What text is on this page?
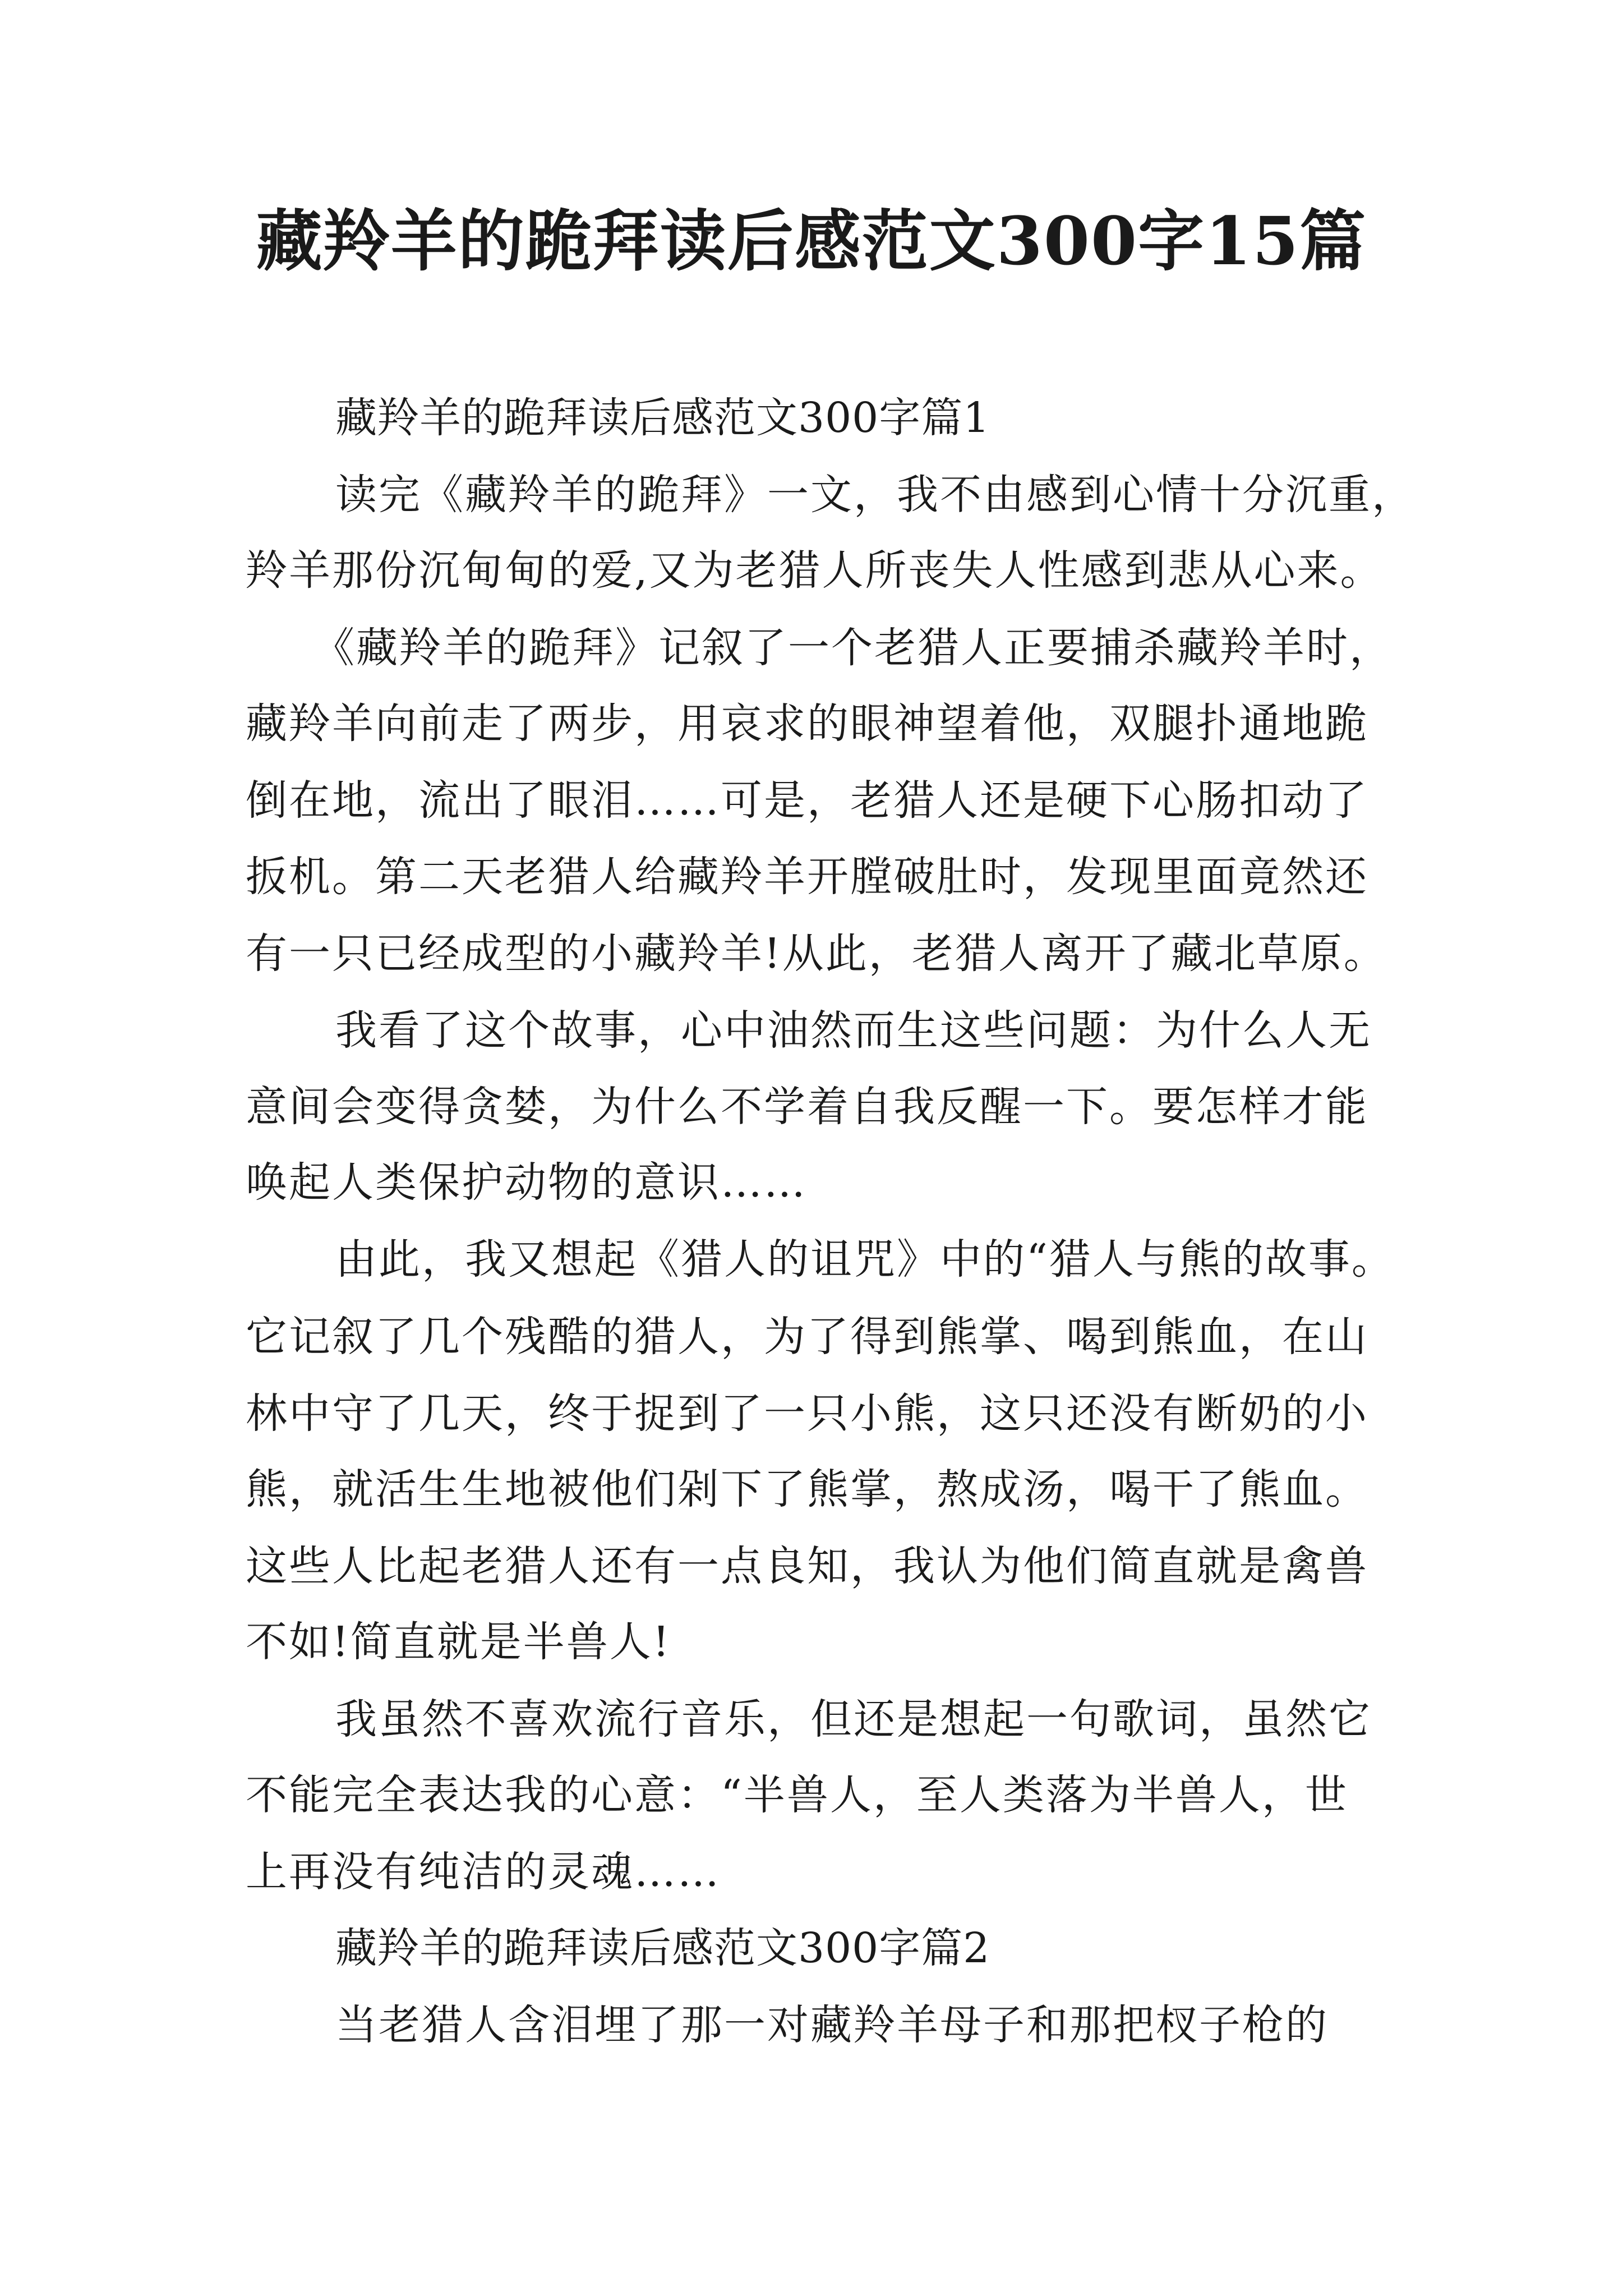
藏羚羊的跪拜读后感范文300字15篇

藏羚羊的跪拜读后感范文300字篇1

读完《藏羚羊的跪拜》一文，我不由感到心情十分沉重，

羚羊那份沉甸甸的爱,又为老猎人所丧失人性感到悲从心来。

《藏羚羊的跪拜》记叙了一个老猎人正要捕杀藏羚羊时，

藏羚羊向前走了两步，用哀求的眼神望着他，双腿扑通地跪

倒在地，流出了眼泪……可是，老猎人还是硬下心肠扣动了

扳机。第二天老猎人给藏羚羊开膛破肚时，发现里面竟然还

有一只已经成型的小藏羚羊!从此，老猎人离开了藏北草原。

我看了这个故事，心中油然而生这些问题：为什么人无

意间会变得贪婪，为什么不学着自我反醒一下。要怎样才能

唤起人类保护动物的意识……

由此，我又想起《猎人的诅咒》中的“猎人与熊的故事。

它记叙了几个残酷的猎人，为了得到熊掌、喝到熊血，在山

林中守了几天，终于捉到了一只小熊，这只还没有断奶的小

熊，就活生生地被他们剁下了熊掌，熬成汤，喝干了熊血。

这些人比起老猎人还有一点良知，我认为他们简直就是禽兽

不如!简直就是半兽人!

我虽然不喜欢流行音乐，但还是想起一句歌词，虽然它

不能完全表达我的心意：“半兽人，至人类落为半兽人，世

上再没有纯洁的灵魂……

藏羚羊的跪拜读后感范文300字篇2

当老猎人含泪埋了那一对藏羚羊母子和那把杈子枪的
